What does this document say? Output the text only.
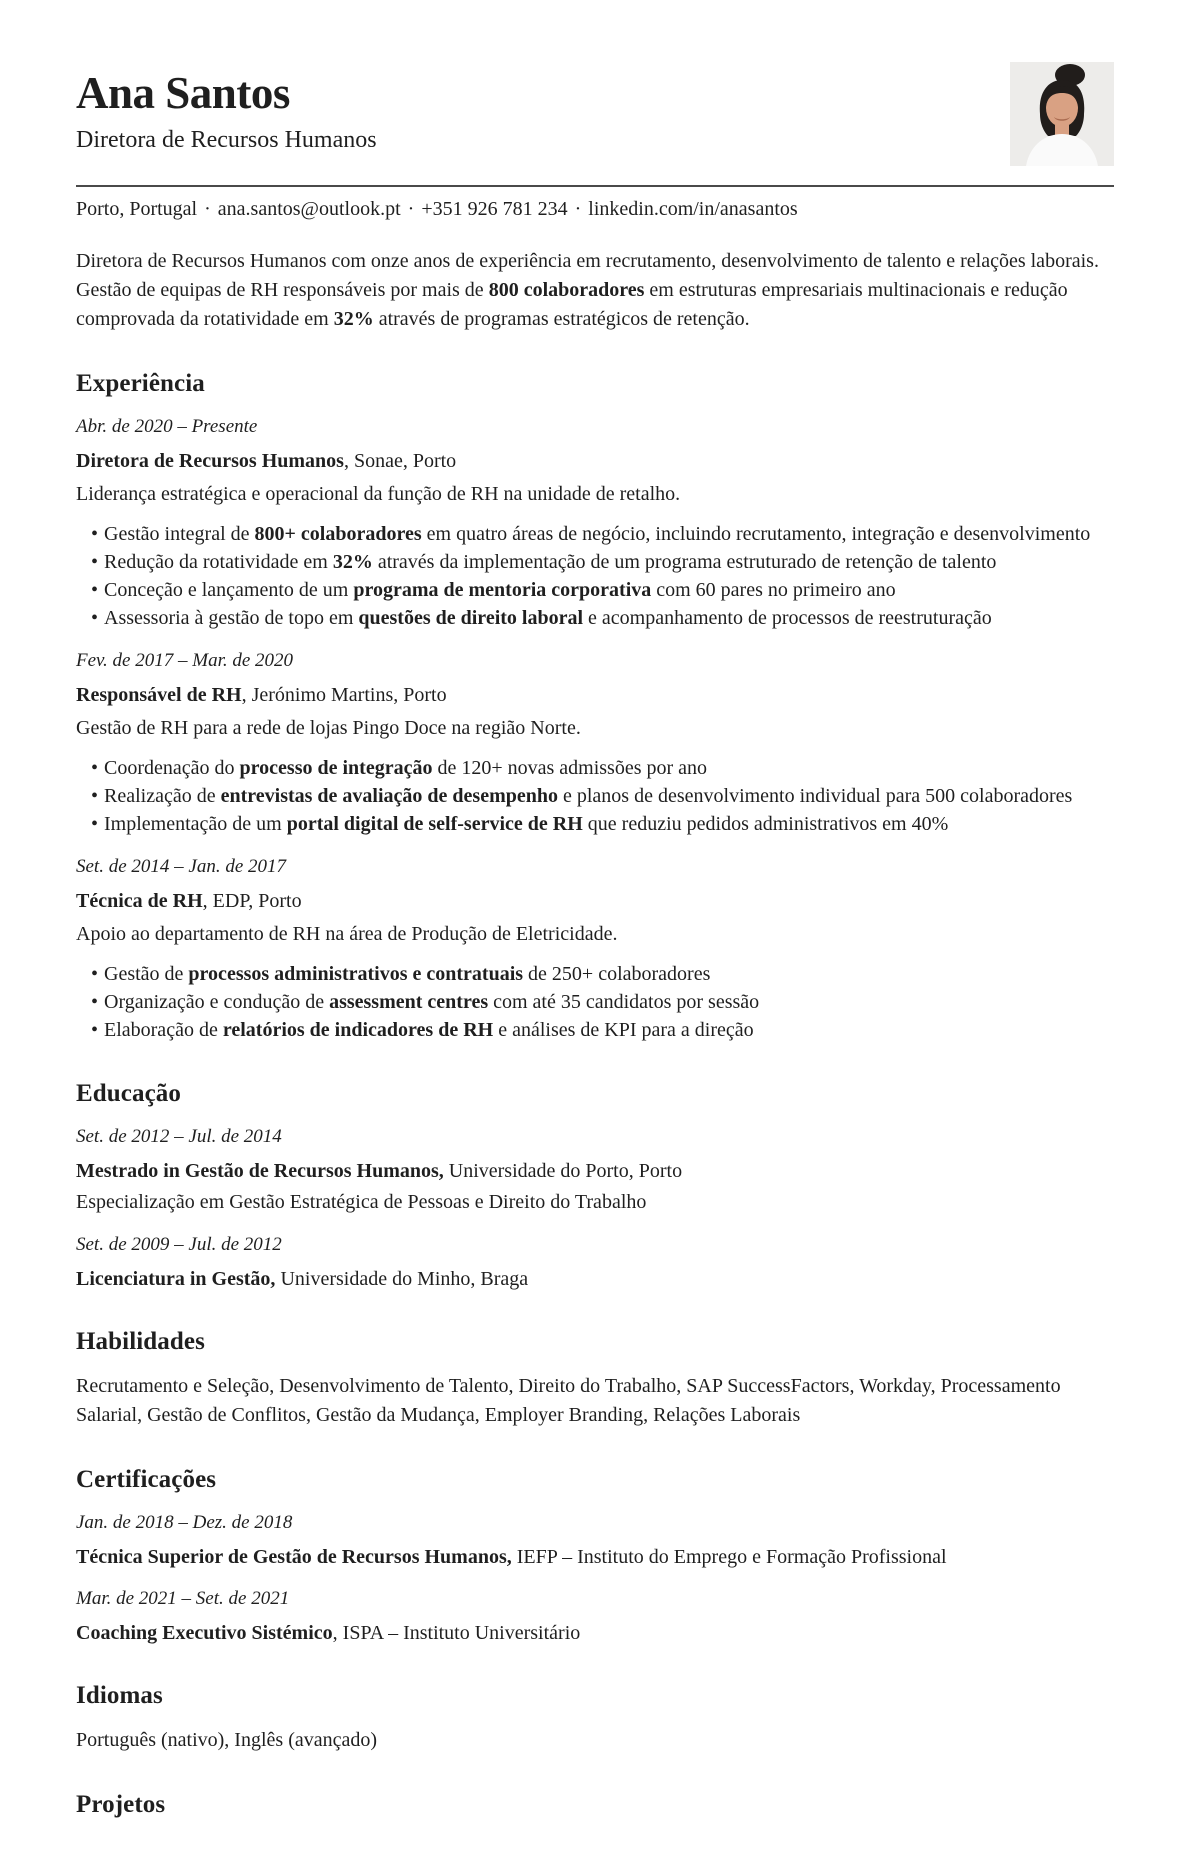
Ana Santos
Diretora de Recursos Humanos
Porto, Portugal · ana.santos@outlook.pt · +351 926 781 234 · linkedin.com/in/anasantos

Diretora de Recursos Humanos com onze anos de experiência em recrutamento, desenvolvimento de talento e relações laborais. Gestão de equipas de RH responsáveis por mais de 800 colaboradores em estruturas empresariais multinacionais e redução comprovada da rotatividade em 32% através de programas estratégicos de retenção.

Experiência
Abr. de 2020 – Presente
Diretora de Recursos Humanos, Sonae, Porto
Liderança estratégica e operacional da função de RH na unidade de retalho.
• Gestão integral de 800+ colaboradores em quatro áreas de negócio, incluindo recrutamento, integração e desenvolvimento
• Redução da rotatividade em 32% através da implementação de um programa estruturado de retenção de talento
• Conceção e lançamento de um programa de mentoria corporativa com 60 pares no primeiro ano
• Assessoria à gestão de topo em questões de direito laboral e acompanhamento de processos de reestruturação
Fev. de 2017 – Mar. de 2020
Responsável de RH, Jerónimo Martins, Porto
Gestão de RH para a rede de lojas Pingo Doce na região Norte.
• Coordenação do processo de integração de 120+ novas admissões por ano
• Realização de entrevistas de avaliação de desempenho e planos de desenvolvimento individual para 500 colaboradores
• Implementação de um portal digital de self-service de RH que reduziu pedidos administrativos em 40%
Set. de 2014 – Jan. de 2017
Técnica de RH, EDP, Porto
Apoio ao departamento de RH na área de Produção de Eletricidade.
• Gestão de processos administrativos e contratuais de 250+ colaboradores
• Organização e condução de assessment centres com até 35 candidatos por sessão
• Elaboração de relatórios de indicadores de RH e análises de KPI para a direção
Educação
Set. de 2012 – Jul. de 2014
Mestrado in Gestão de Recursos Humanos, Universidade do Porto, Porto
Especialização em Gestão Estratégica de Pessoas e Direito do Trabalho
Set. de 2009 – Jul. de 2012
Licenciatura in Gestão, Universidade do Minho, Braga
Habilidades

Recrutamento e Seleção, Desenvolvimento de Talento, Direito do Trabalho, SAP SuccessFactors, Workday, Processamento Salarial, Gestão de Conflitos, Gestão da Mudança, Employer Branding, Relações Laborais

Certificações
Jan. de 2018 – Dez. de 2018
Técnica Superior de Gestão de Recursos Humanos, IEFP – Instituto do Emprego e Formação Profissional
Mar. de 2021 – Set. de 2021
Coaching Executivo Sistémico, ISPA – Instituto Universitário
Idiomas

Português (nativo), Inglês (avançado)

Projetos
